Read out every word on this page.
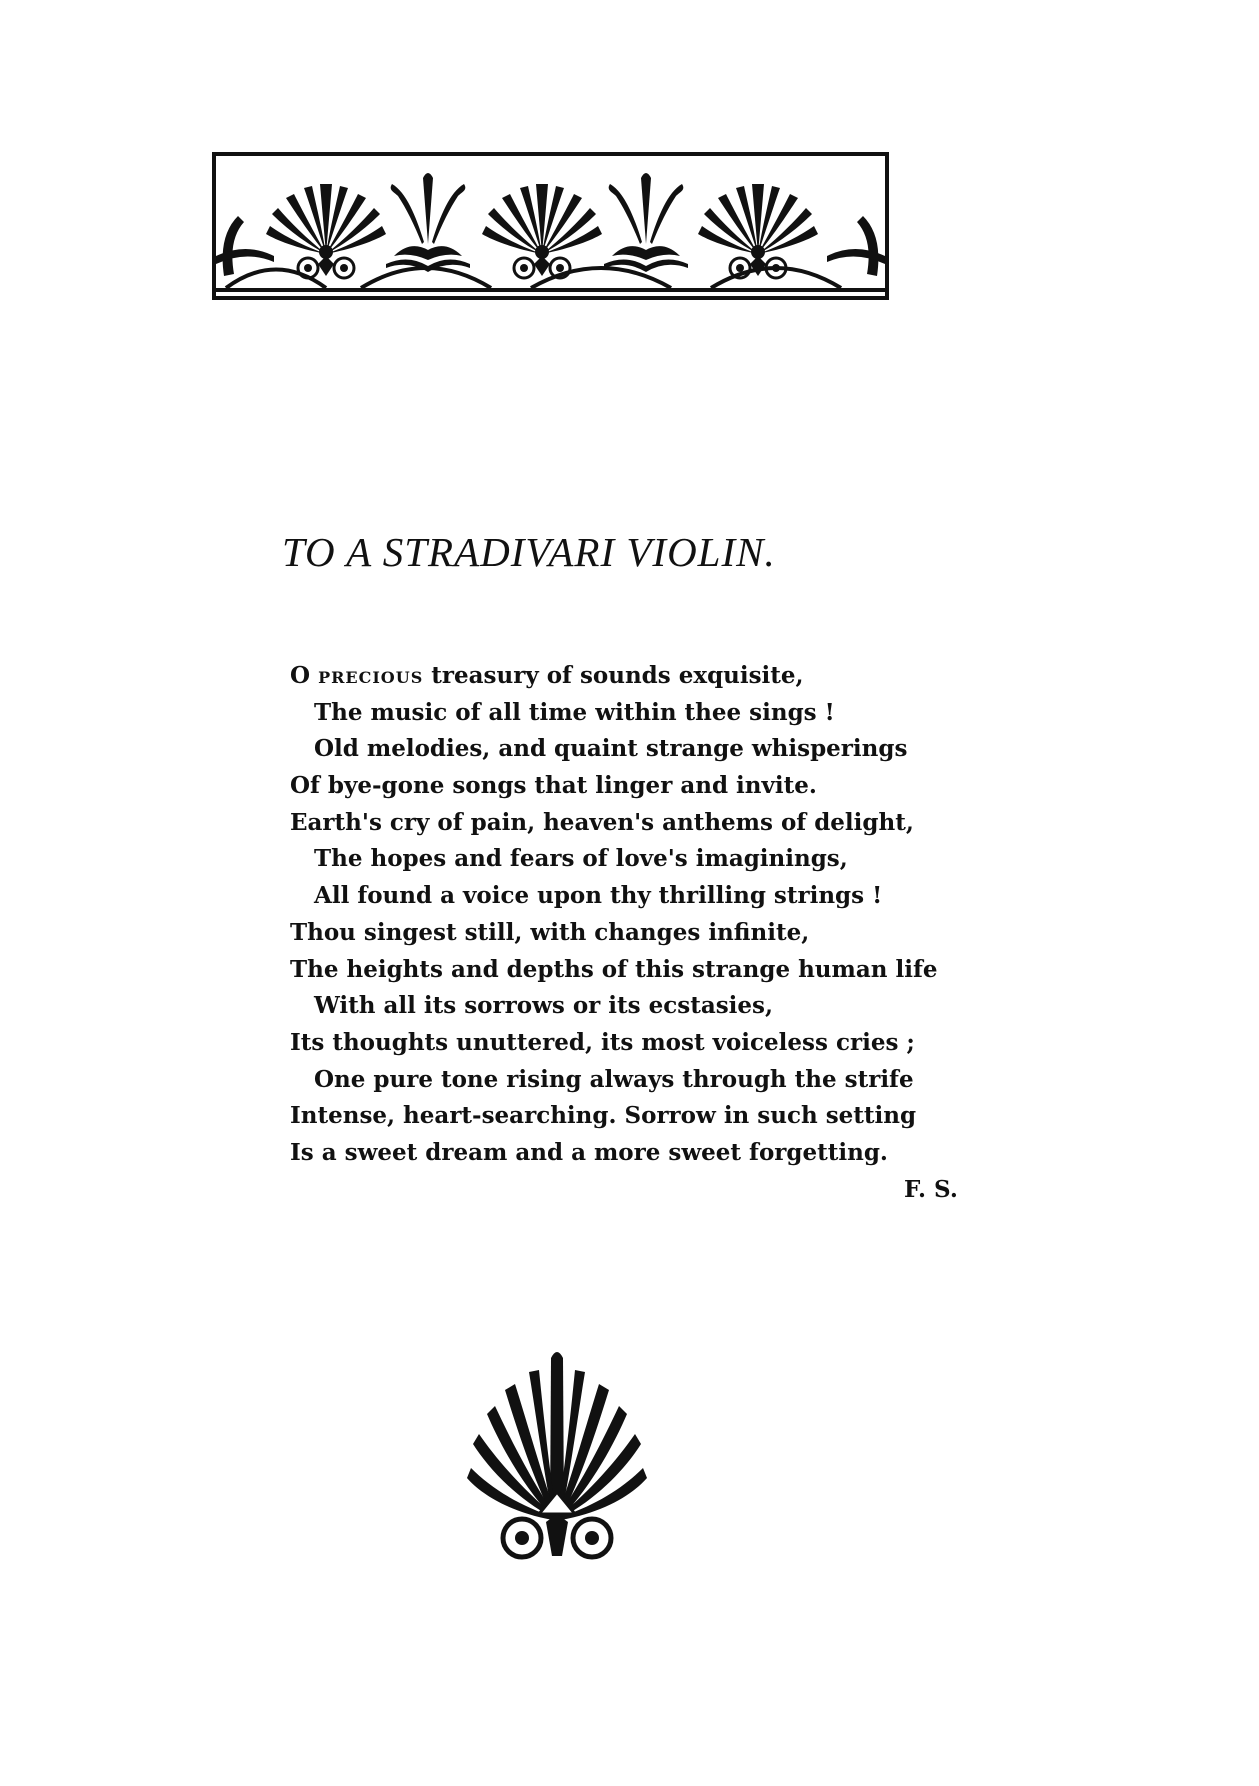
TO A STRADIVARI VIOLIN.
O PRECIOUS treasury of sounds exquisite,
The music of all time within thee sings !
Old melodies, and quaint strange whisperings
Of bye-gone songs that linger and invite.
Earth's cry of pain, heaven's anthems of delight,
The hopes and fears of love's imaginings,
All found a voice upon thy thrilling strings !
Thou singest still, with changes infinite,
The heights and depths of this strange human life
With all its sorrows or its ecstasies,
Its thoughts unuttered, its most voiceless cries ;
One pure tone rising always through the strife
Intense, heart-searching. Sorrow in such setting
Is a sweet dream and a more sweet forgetting.
F. S.
